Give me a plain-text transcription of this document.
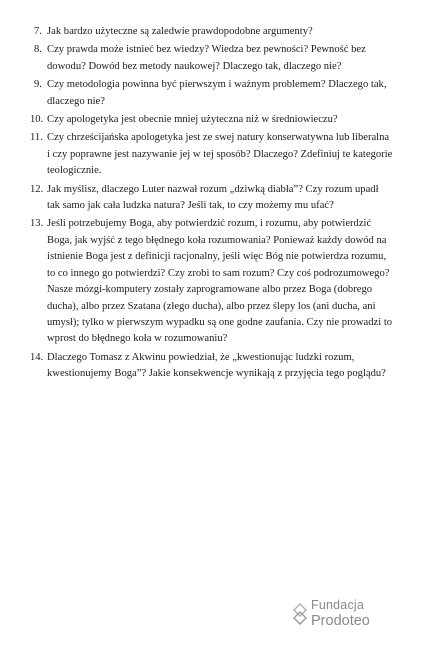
7. Jak bardzo użyteczne są zaledwie prawdopodobne argumenty?
8. Czy prawda może istnieć bez wiedzy? Wiedza bez pewności? Pewność bez dowodu? Dowód bez metody naukowej? Dlaczego tak, dlaczego nie?
9. Czy metodologia powinna być pierwszym i ważnym problemem? Dlaczego tak, dlaczego nie?
10. Czy apologetyka jest obecnie mniej użyteczna niż w średniowieczu?
11. Czy chrześcijańska apologetyka jest ze swej natury konserwatywna lub liberalna i czy poprawne jest nazywanie jej w tej sposób? Dlaczego? Zdefiniuj te kategorie teologicznie.
12. Jak myślisz, dlaczego Luter nazwał rozum „dziwką diabła”? Czy rozum upadł tak samo jak cała ludzka natura? Jeśli tak, to czy możemy mu ufać?
13. Jeśli potrzebujemy Boga, aby potwierdzić rozum, i rozumu, aby potwierdzić Boga, jak wyjść z tego błędnego koła rozumowania? Ponieważ każdy dowód na istnienie Boga jest z definicji racjonalny, jeśli więc Bóg nie potwierdza rozumu, to co innego go potwierdzi? Czy zrobi to sam rozum? Czy coś podrozumowego? Nasze mózgi-komputery zostały zaprogramowane albo przez Boga (dobrego ducha), albo przez Szatana (złego ducha), albo przez ślepy los (ani ducha, ani umysł); tylko w pierwszym wypadku są one godne zaufania. Czy nie prowadzi to wprost do błędnego koła w rozumowaniu?
14. Dlaczego Tomasz z Akwinu powiedział, że „kwestionując ludzki rozum, kwestionujemy Boga”? Jakie konsekwencje wynikają z przyjęcia tego poglądu?
Fundacja
Prodoteo
